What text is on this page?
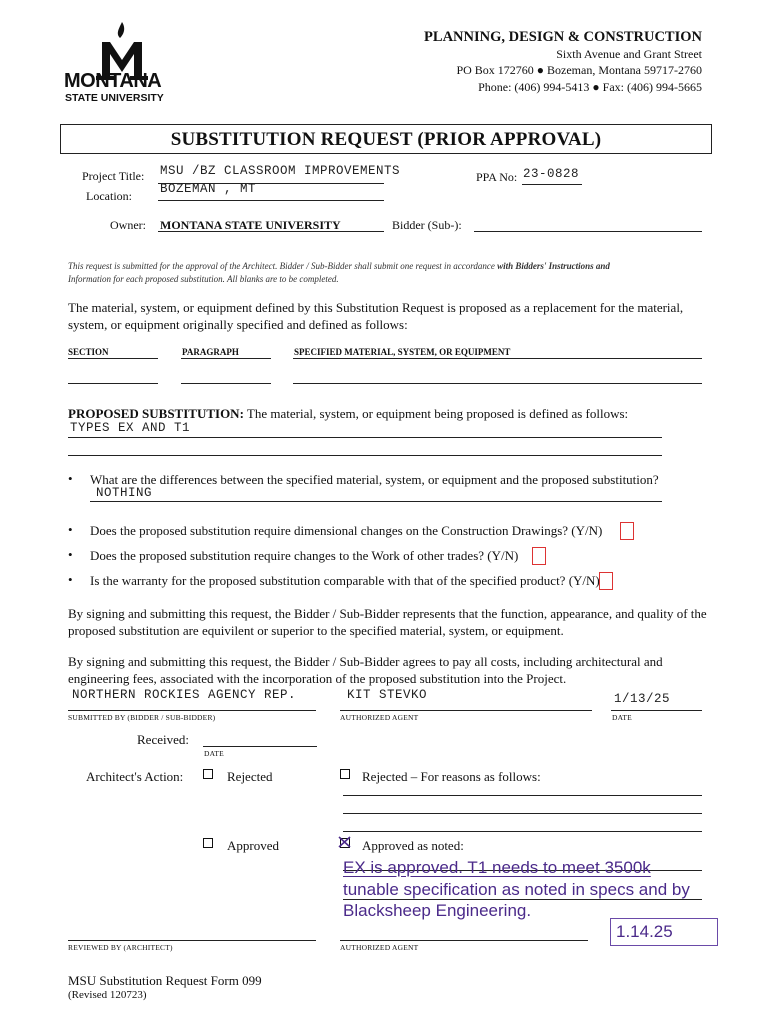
MONTANA
STATE UNIVERSITY
PLANNING, DESIGN & CONSTRUCTION
Sixth Avenue and Grant Street
PO Box 172760 ● Bozeman, Montana 59717-2760
Phone: (406) 994-5413 ● Fax: (406) 994-5665
SUBSTITUTION REQUEST (PRIOR APPROVAL)
Project Title: MSU /BZ CLASSROOM IMPROVEMENTS
Location: BOZEMAN , MT
PPA No: 23-0828
Owner: MONTANA STATE UNIVERSITY	Bidder (Sub-):
This request is submitted for the approval of the Architect. Bidder / Sub-Bidder shall submit one request in accordance with Bidders' Instructions and
Information for each proposed substitution. All blanks are to be completed.
The material, system, or equipment defined by this Substitution Request is proposed as a replacement for the material, system, or equipment originally specified and defined as follows:
SECTION	PARAGRAPH	SPECIFIED MATERIAL, SYSTEM, OR EQUIPMENT
PROPOSED SUBSTITUTION: The material, system, or equipment being proposed is defined as follows:
TYPES EX AND T1
• What are the differences between the specified material, system, or equipment and the proposed substitution?
NOTHING
• Does the proposed substitution require dimensional changes on the Construction Drawings? (Y/N)
• Does the proposed substitution require changes to the Work of other trades? (Y/N)
• Is the warranty for the proposed substitution comparable with that of the specified product? (Y/N)
By signing and submitting this request, the Bidder / Sub-Bidder represents that the function, appearance, and quality of the proposed substitution are equivilent or superior to the specified material, system, or equipment.
By signing and submitting this request, the Bidder / Sub-Bidder agrees to pay all costs, including architectural and engineering fees, associated with the incorporation of the proposed substitution into the Project.
NORTHERN ROCKIES AGENCY REP.	KIT STEVKO	1/13/25
SUBMITTED BY (BIDDER / SUB-BIDDER)	AUTHORIZED AGENT	DATE
Received:
DATE
Architect's Action:	Rejected	Rejected – For reasons as follows:
Approved	Approved as noted:
EX is approved. T1 needs to meet 3500k
tunable specification as noted in specs and by
Blacksheep Engineering.
1.14.25
REVIEWED BY (ARCHITECT)	AUTHORIZED AGENT
MSU Substitution Request Form 099
(Revised 120723)
